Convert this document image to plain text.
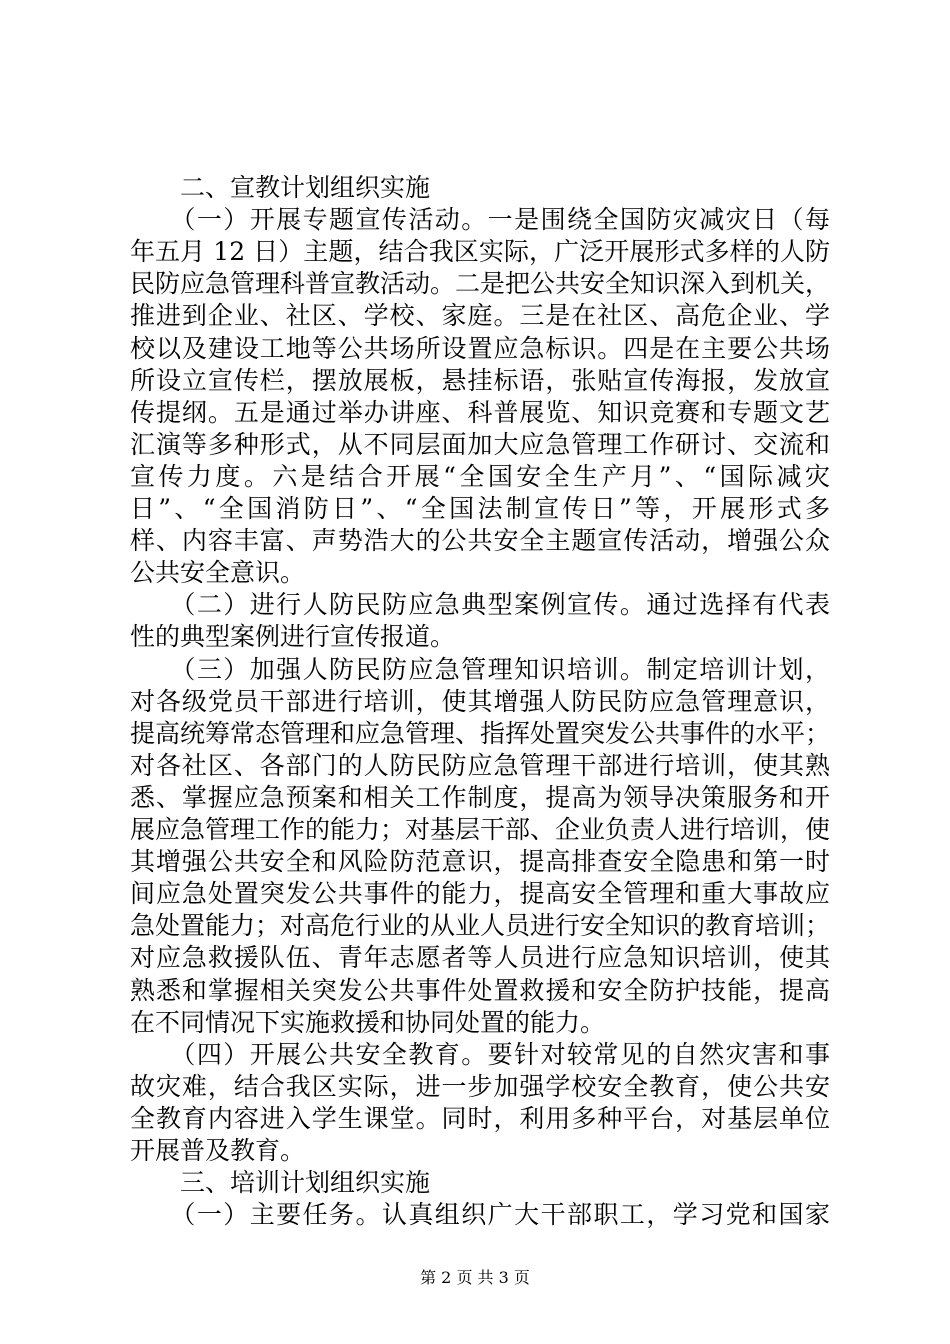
　　二、宣教计划组织实施
　　（一）开展专题宣传活动。一是围绕全国防灾减灾日（每
年五月 12 日）主题，结合我区实际，广泛开展形式多样的人防
民防应急管理科普宣教活动。二是把公共安全知识深入到机关，
推进到企业、社区、学校、家庭。三是在社区、高危企业、学
校以及建设工地等公共场所设置应急标识。四是在主要公共场
所设立宣传栏，摆放展板，悬挂标语，张贴宣传海报，发放宣
传提纲。五是通过举办讲座、科普展览、知识竞赛和专题文艺
汇演等多种形式，从不同层面加大应急管理工作研讨、交流和
宣传力度。六是结合开展“全国安全生产月”、“国际减灾
日”、“全国消防日”、“全国法制宣传日”等，开展形式多
样、内容丰富、声势浩大的公共安全主题宣传活动，增强公众
公共安全意识。
　　（二）进行人防民防应急典型案例宣传。通过选择有代表
性的典型案例进行宣传报道。
　　（三）加强人防民防应急管理知识培训。制定培训计划，
对各级党员干部进行培训，使其增强人防民防应急管理意识，
提高统筹常态管理和应急管理、指挥处置突发公共事件的水平；
对各社区、各部门的人防民防应急管理干部进行培训，使其熟
悉、掌握应急预案和相关工作制度，提高为领导决策服务和开
展应急管理工作的能力；对基层干部、企业负责人进行培训，使
其增强公共安全和风险防范意识，提高排查安全隐患和第一时
间应急处置突发公共事件的能力，提高安全管理和重大事故应
急处置能力；对高危行业的从业人员进行安全知识的教育培训；
对应急救援队伍、青年志愿者等人员进行应急知识培训，使其
熟悉和掌握相关突发公共事件处置救援和安全防护技能，提高
在不同情况下实施救援和协同处置的能力。
　　（四）开展公共安全教育。要针对较常见的自然灾害和事
故灾难，结合我区实际，进一步加强学校安全教育，使公共安
全教育内容进入学生课堂。同时，利用多种平台，对基层单位
开展普及教育。
　　三、培训计划组织实施
　　（一）主要任务。认真组织广大干部职工，学习党和国家
第 2 页 共 3 页
